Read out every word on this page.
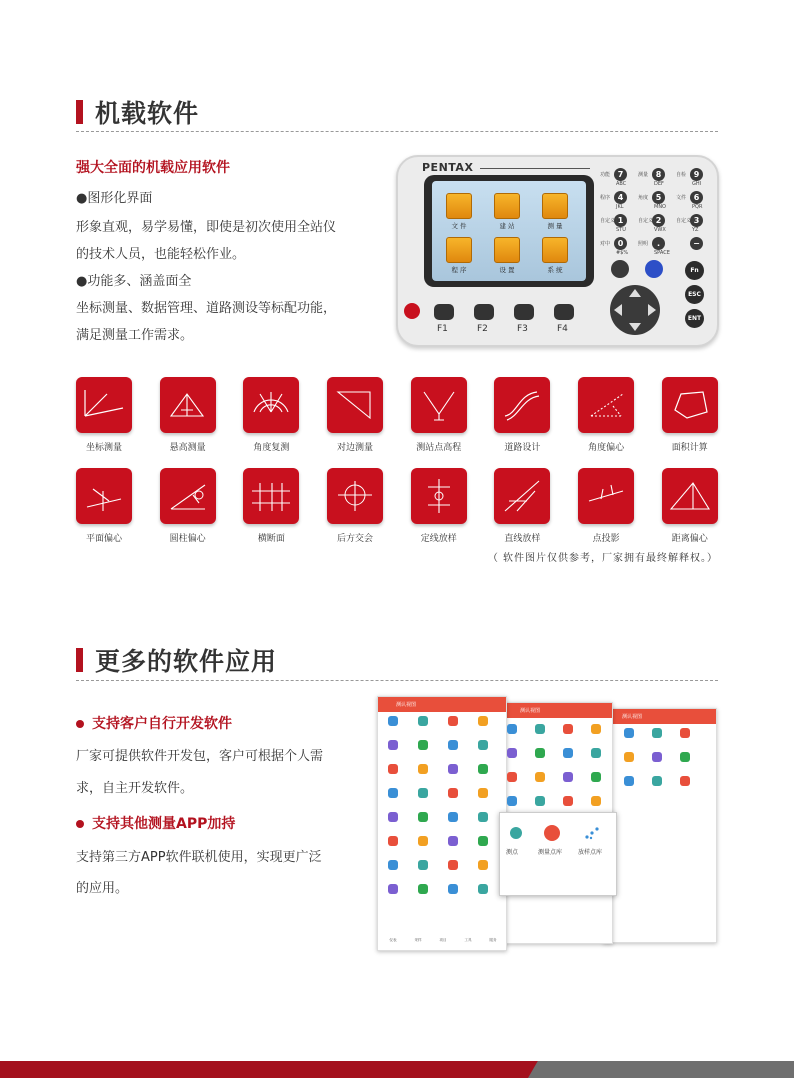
机载软件
强大全面的机载应用软件
●图形化界面
形象直观，易学易懂，即使是初次使用全站仪
的技术人员，也能轻松作业。
●功能多、涵盖面全
坐标测量、数据管理、道路测设等标配功能，
满足测量工作需求。
PENTAX
文 件	建 站	测 量
程 序	设 置	系 统
F1	F2	F3	F4
7
功能
ABC
8
测量
DEF
9
自检
GHI
4
程序
JKL
5
角度
MNO
6
文件
PQR
1
自定义1
STU
2
自定义2
VWX
3
自定义3
YZ
0
对中
#$%
.
照明
SPACE
−
Fn
ESC
ENT
坐标测量	悬高测量	角度复测	对边测量	测站点高程	道路设计	角度偏心	面积计算
平面偏心	圆柱偏心	横断面	后方交会	定线放样	直线放样	点投影	距离偏心
（ 软件图片仅供参考，厂家拥有最终解释权。）
更多的软件应用
支持客户自行开发软件
厂家可提供软件开发包，客户可根据个人需
求，自主开发软件。
支持其他测量APP加持
支持第三方APP软件联机使用，实现更广泛
的应用。
测认视图
测认视图
测认视图
测点	测量点库	放样点库
仪表	采样	项目	工具	服务
